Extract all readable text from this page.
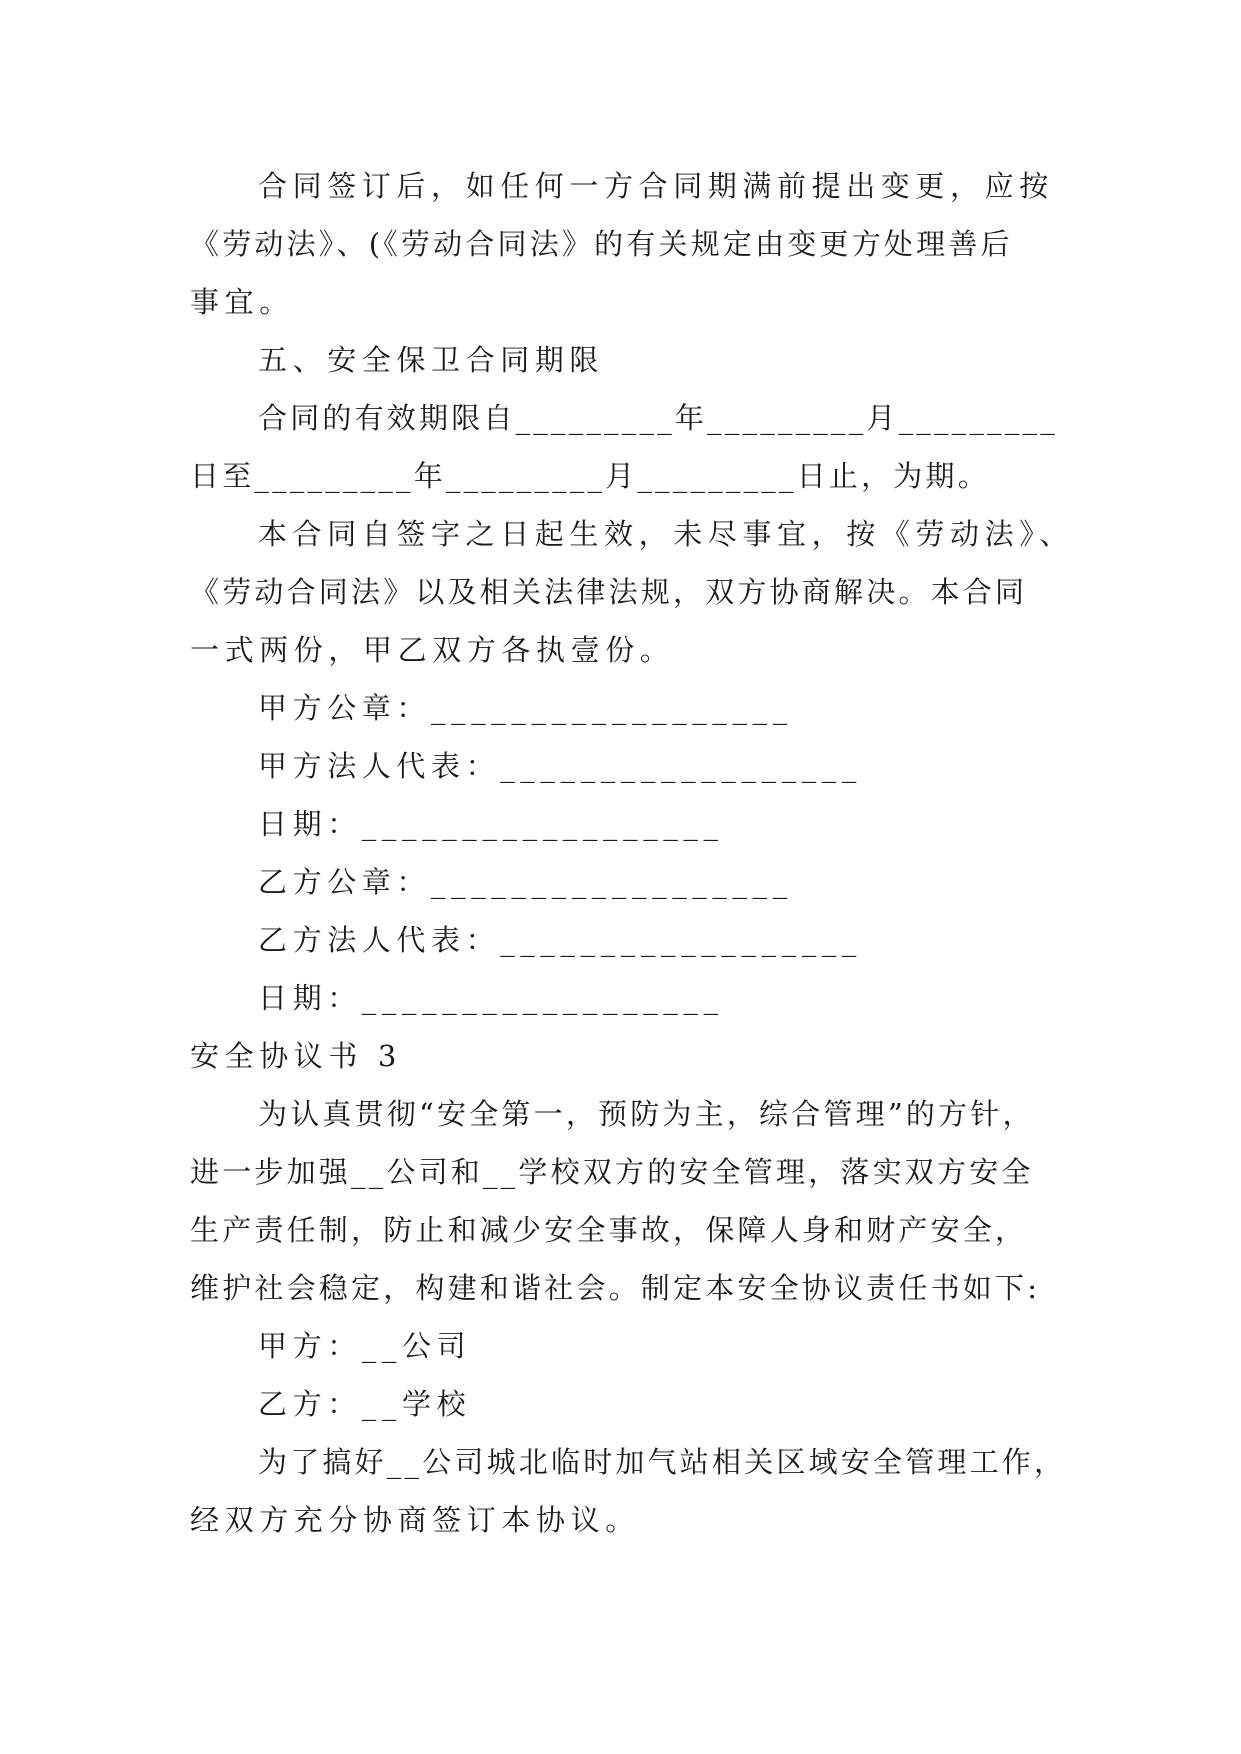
合同签订后，如任何一方合同期满前提出变更，应按
《劳动法》、(《劳动合同法》的有关规定由变更方处理善后
事宜。
五、安全保卫合同期限
合同的有效期限自_________年_________月_________
日至_________年_________月_________日止，为期。
本合同自签字之日起生效，未尽事宜，按《劳动法》、
《劳动合同法》以及相关法律法规，双方协商解决。本合同
一式两份，甲乙双方各执壹份。
甲方公章：__________________
甲方法人代表：__________________
日期：__________________
乙方公章：__________________
乙方法人代表：__________________
日期：__________________
安全协议书 3
为认真贯彻“安全第一，预防为主，综合管理”的方针，
进一步加强__公司和__学校双方的安全管理，落实双方安全
生产责任制，防止和减少安全事故，保障人身和财产安全，
维护社会稳定，构建和谐社会。制定本安全协议责任书如下:
甲方：__公司
乙方：__学校
为了搞好__公司城北临时加气站相关区域安全管理工作，
经双方充分协商签订本协议。
